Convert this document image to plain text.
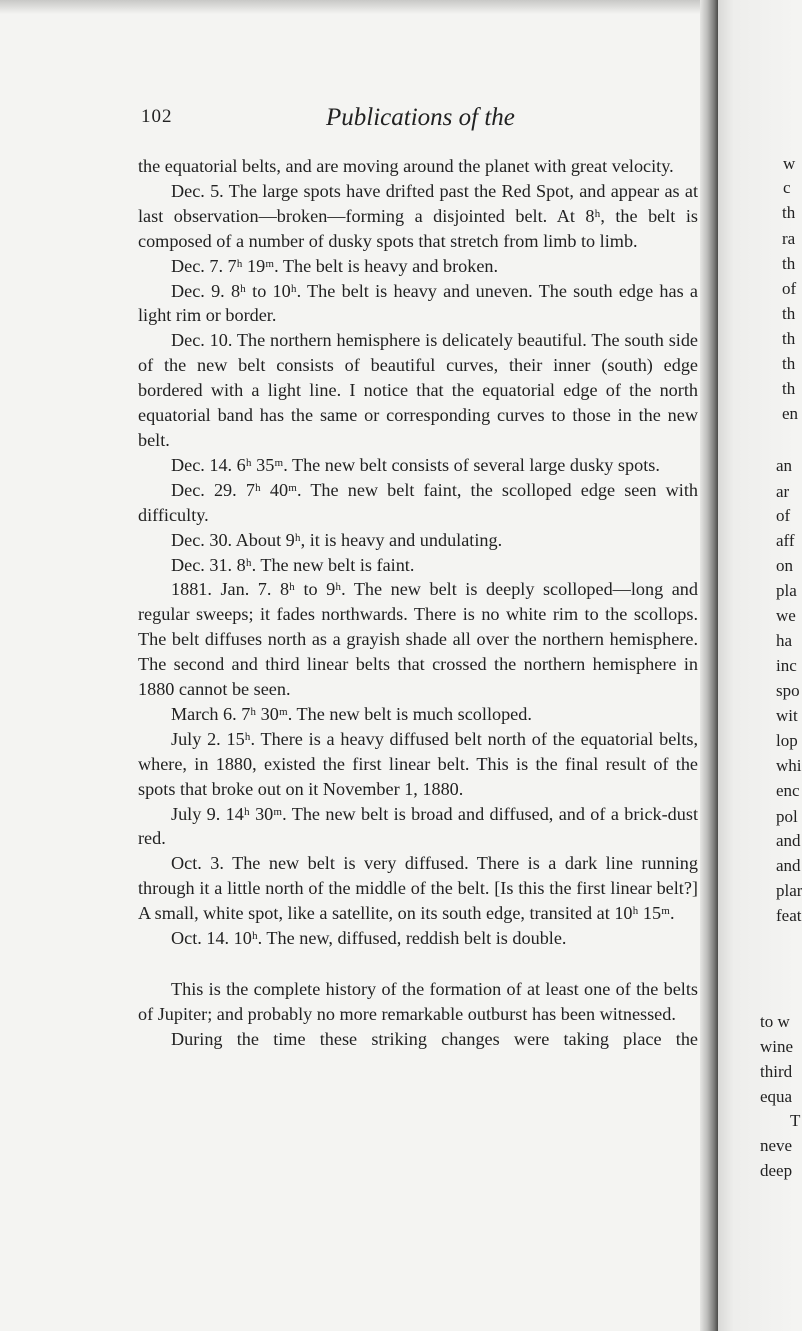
102	Publications of the

the equatorial belts, and are moving around the planet with great velocity.

Dec. 5. The large spots have drifted past the Red Spot, and appear as at last observation—broken—forming a disjointed belt. At 8ʰ, the belt is composed of a number of dusky spots that stretch from limb to limb.

Dec. 7. 7ʰ 19ᵐ. The belt is heavy and broken.

Dec. 9. 8ʰ to 10ʰ. The belt is heavy and uneven. The south edge has a light rim or border.

Dec. 10. The northern hemisphere is delicately beautiful. The south side of the new belt consists of beautiful curves, their inner (south) edge bordered with a light line. I notice that the equatorial edge of the north equatorial band has the same or corresponding curves to those in the new belt.

Dec. 14. 6ʰ 35ᵐ. The new belt consists of several large dusky spots.

Dec. 29. 7ʰ 40ᵐ. The new belt faint, the scolloped edge seen with difficulty.

Dec. 30. About 9ʰ, it is heavy and undulating.

Dec. 31. 8ʰ. The new belt is faint.

1881. Jan. 7. 8ʰ to 9ʰ. The new belt is deeply scolloped—long and regular sweeps; it fades northwards. There is no white rim to the scollops. The belt diffuses north as a grayish shade all over the northern hemisphere. The second and third linear belts that crossed the northern hemisphere in 1880 cannot be seen.

March 6. 7ʰ 30ᵐ. The new belt is much scolloped.

July 2. 15ʰ. There is a heavy diffused belt north of the equatorial belts, where, in 1880, existed the first linear belt. This is the final result of the spots that broke out on it November 1, 1880.

July 9. 14ʰ 30ᵐ. The new belt is broad and diffused, and of a brick-dust red.

Oct. 3. The new belt is very diffused. There is a dark line running through it a little north of the middle of the belt. [Is this the first linear belt?] A small, white spot, like a satellite, on its south edge, transited at 10ʰ 15ᵐ.

Oct. 14. 10ʰ. The new, diffused, reddish belt is double.

This is the complete history of the formation of at least one of the belts of Jupiter; and probably no more remarkable outburst has been witnessed.

During the time these striking changes were taking place the

w
c
th
ra
th
of
th
th
th
th
en
an
ar
of
aff
on
pla
we
ha
inc
spo
wit
lop
whi
enc
pol
and
and
plar
feat
to w
wine
third
equa
T
neve
deep
